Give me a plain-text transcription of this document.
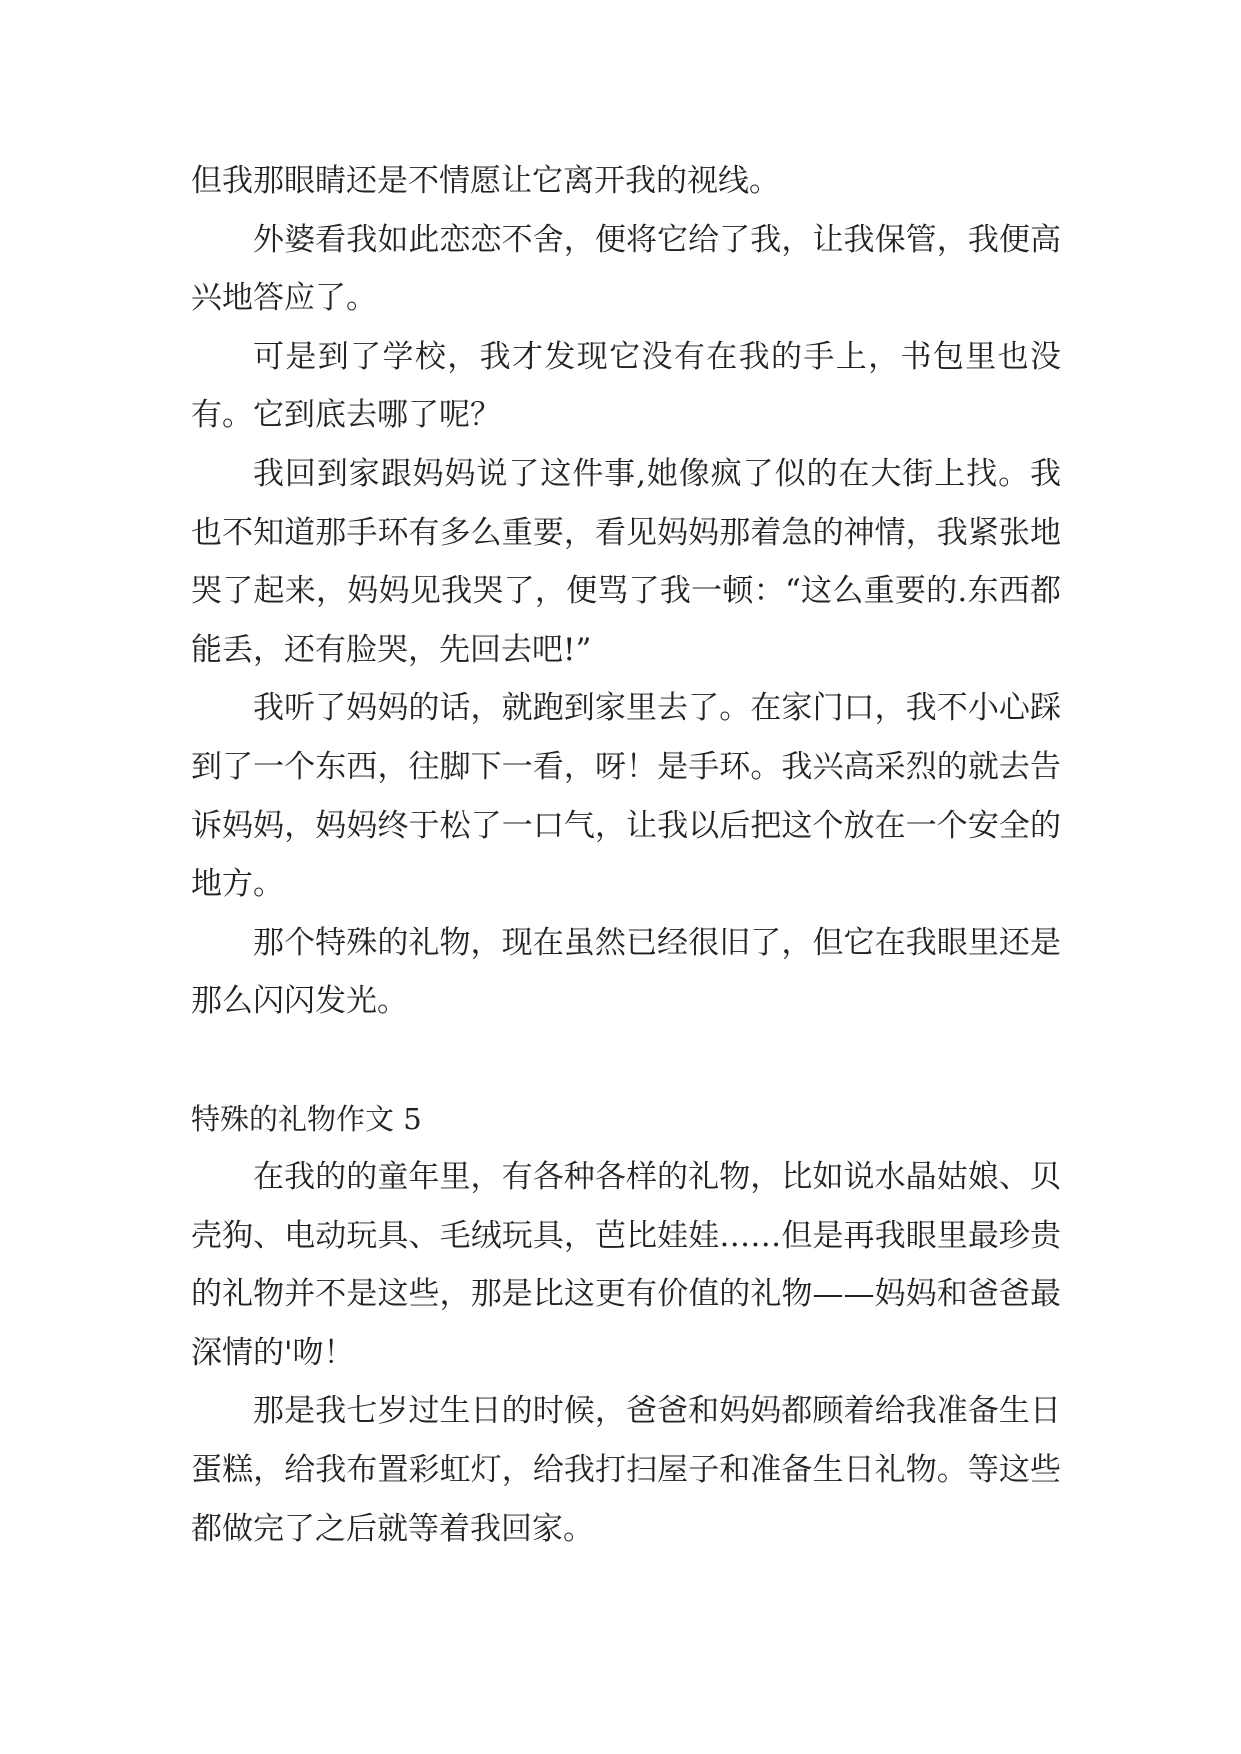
但我那眼睛还是不情愿让它离开我的视线。

外婆看我如此恋恋不舍，便将它给了我，让我保管，我便高兴地答应了。

可是到了学校，我才发现它没有在我的手上，书包里也没有。它到底去哪了呢？

我回到家跟妈妈说了这件事,她像疯了似的在大街上找。我也不知道那手环有多么重要，看见妈妈那着急的神情，我紧张地哭了起来，妈妈见我哭了，便骂了我一顿：“这么重要的.东西都能丢，还有脸哭，先回去吧!”

我听了妈妈的话，就跑到家里去了。在家门口，我不小心踩到了一个东西，往脚下一看，呀！是手环。我兴高采烈的就去告诉妈妈，妈妈终于松了一口气，让我以后把这个放在一个安全的地方。

那个特殊的礼物，现在虽然已经很旧了，但它在我眼里还是那么闪闪发光。

特殊的礼物作文 5

在我的的童年里，有各种各样的礼物，比如说水晶姑娘、贝壳狗、电动玩具、毛绒玩具，芭比娃娃……但是再我眼里最珍贵的礼物并不是这些，那是比这更有价值的礼物——妈妈和爸爸最深情的'吻！

那是我七岁过生日的时候，爸爸和妈妈都顾着给我准备生日蛋糕，给我布置彩虹灯，给我打扫屋子和准备生日礼物。等这些都做完了之后就等着我回家。
